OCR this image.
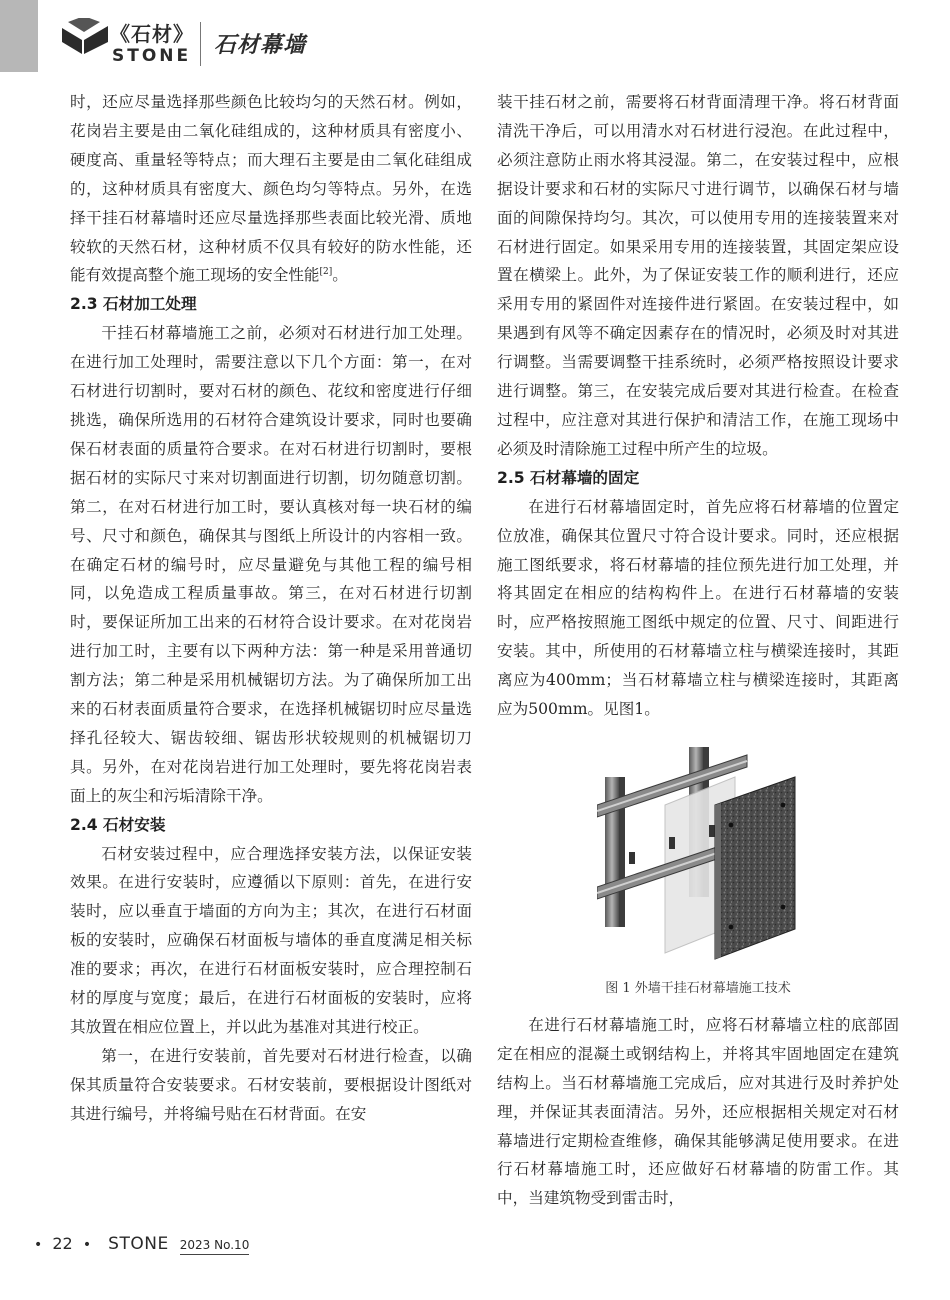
《石材》
STONE 石材幕墙

时，还应尽量选择那些颜色比较均匀的天然石材。例如，花岗岩主要是由二氧化硅组成的，这种材质具有密度小、硬度高、重量轻等特点；而大理石主要是由二氧化硅组成的，这种材质具有密度大、颜色均匀等特点。另外，在选择干挂石材幕墙时还应尽量选择那些表面比较光滑、质地较软的天然石材，这种材质不仅具有较好的防水性能，还能有效提高整个施工现场的安全性能[2]。

2.3 石材加工处理

干挂石材幕墙施工之前，必须对石材进行加工处理。在进行加工处理时，需要注意以下几个方面：第一，在对石材进行切割时，要对石材的颜色、花纹和密度进行仔细挑选，确保所选用的石材符合建筑设计要求，同时也要确保石材表面的质量符合要求。在对石材进行切割时，要根据石材的实际尺寸来对切割面进行切割，切勿随意切割。第二，在对石材进行加工时，要认真核对每一块石材的编号、尺寸和颜色，确保其与图纸上所设计的内容相一致。在确定石材的编号时，应尽量避免与其他工程的编号相同，以免造成工程质量事故。第三，在对石材进行切割时，要保证所加工出来的石材符合设计要求。在对花岗岩进行加工时，主要有以下两种方法：第一种是采用普通切割方法；第二种是采用机械锯切方法。为了确保所加工出来的石材表面质量符合要求，在选择机械锯切时应尽量选择孔径较大、锯齿较细、锯齿形状较规则的机械锯切刀具。另外，在对花岗岩进行加工处理时，要先将花岗岩表面上的灰尘和污垢清除干净。

2.4 石材安装

石材安装过程中，应合理选择安装方法，以保证安装效果。在进行安装时，应遵循以下原则：首先，在进行安装时，应以垂直于墙面的方向为主；其次，在进行石材面板的安装时，应确保石材面板与墙体的垂直度满足相关标准的要求；再次，在进行石材面板安装时，应合理控制石材的厚度与宽度；最后，在进行石材面板的安装时，应将其放置在相应位置上，并以此为基准对其进行校正。

第一，在进行安装前，首先要对石材进行检查，以确保其质量符合安装要求。石材安装前，要根据设计图纸对其进行编号，并将编号贴在石材背面。在安

装干挂石材之前，需要将石材背面清理干净。将石材背面清洗干净后，可以用清水对石材进行浸泡。在此过程中，必须注意防止雨水将其浸湿。第二，在安装过程中，应根据设计要求和石材的实际尺寸进行调节，以确保石材与墙面的间隙保持均匀。其次，可以使用专用的连接装置来对石材进行固定。如果采用专用的连接装置，其固定架应设置在横梁上。此外，为了保证安装工作的顺利进行，还应采用专用的紧固件对连接件进行紧固。在安装过程中，如果遇到有风等不确定因素存在的情况时，必须及时对其进行调整。当需要调整干挂系统时，必须严格按照设计要求进行调整。第三，在安装完成后要对其进行检查。在检查过程中，应注意对其进行保护和清洁工作，在施工现场中必须及时清除施工过程中所产生的垃圾。

2.5 石材幕墙的固定

在进行石材幕墙固定时，首先应将石材幕墙的位置定位放准，确保其位置尺寸符合设计要求。同时，还应根据施工图纸要求，将石材幕墙的挂位预先进行加工处理，并将其固定在相应的结构构件上。在进行石材幕墙的安装时，应严格按照施工图纸中规定的位置、尺寸、间距进行安装。其中，所使用的石材幕墙立柱与横梁连接时，其距离应为400mm；当石材幕墙立柱与横梁连接时，其距离应为500mm。见图1。

图 1 外墙干挂石材幕墙施工技术

在进行石材幕墙施工时，应将石材幕墙立柱的底部固定在相应的混凝土或钢结构上，并将其牢固地固定在建筑结构上。当石材幕墙施工完成后，应对其进行及时养护处理，并保证其表面清洁。另外，还应根据相关规定对石材幕墙进行定期检查维修，确保其能够满足使用要求。在进行石材幕墙施工时，还应做好石材幕墙的防雷工作。其中，当建筑物受到雷击时，

• 22 • STONE 2023 No.10
